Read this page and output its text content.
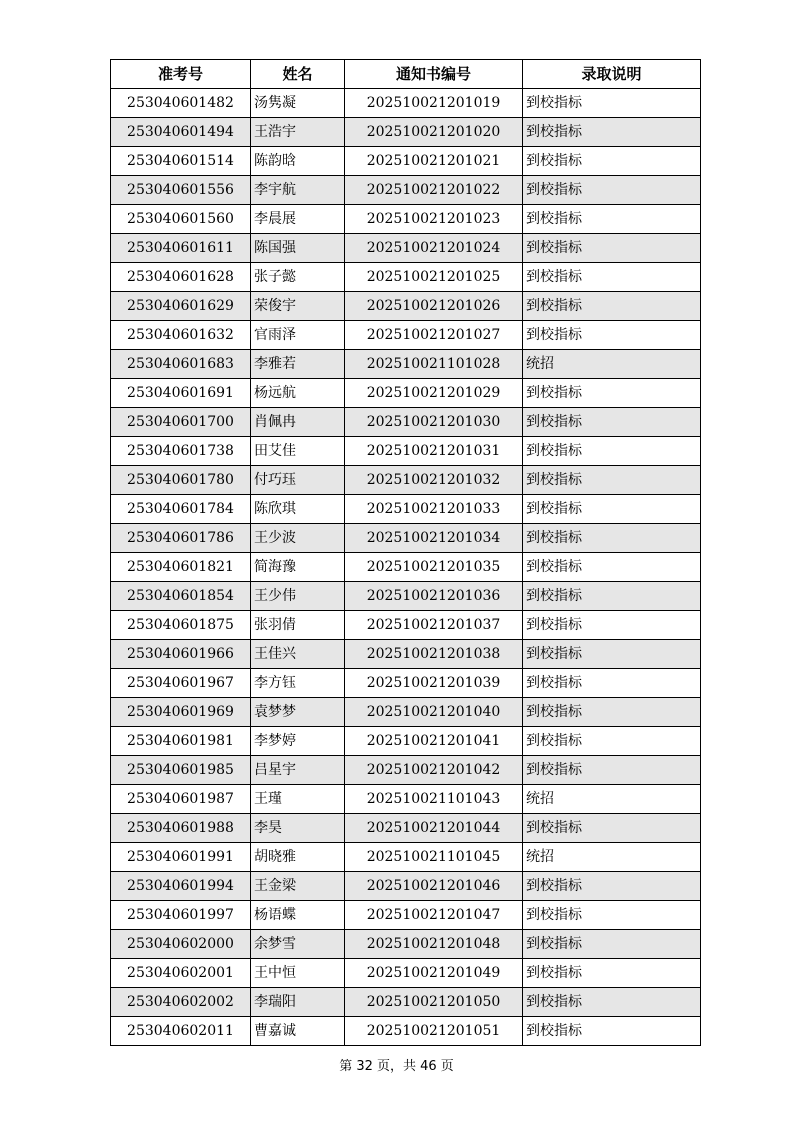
准考号	姓名	通知书编号	录取说明
253040601482	汤隽凝	202510021201019	到校指标
253040601494	王浩宇	202510021201020	到校指标
253040601514	陈韵晗	202510021201021	到校指标
253040601556	李宇航	202510021201022	到校指标
253040601560	李晨展	202510021201023	到校指标
253040601611	陈国强	202510021201024	到校指标
253040601628	张子懿	202510021201025	到校指标
253040601629	荣俊宇	202510021201026	到校指标
253040601632	官雨泽	202510021201027	到校指标
253040601683	李雅若	202510021101028	统招
253040601691	杨远航	202510021201029	到校指标
253040601700	肖佩冉	202510021201030	到校指标
253040601738	田艾佳	202510021201031	到校指标
253040601780	付巧珏	202510021201032	到校指标
253040601784	陈欣琪	202510021201033	到校指标
253040601786	王少波	202510021201034	到校指标
253040601821	简海豫	202510021201035	到校指标
253040601854	王少伟	202510021201036	到校指标
253040601875	张羽倩	202510021201037	到校指标
253040601966	王佳兴	202510021201038	到校指标
253040601967	李方钰	202510021201039	到校指标
253040601969	袁梦梦	202510021201040	到校指标
253040601981	李梦婷	202510021201041	到校指标
253040601985	吕星宇	202510021201042	到校指标
253040601987	王瑾	202510021101043	统招
253040601988	李昊	202510021201044	到校指标
253040601991	胡晓雅	202510021101045	统招
253040601994	王金梁	202510021201046	到校指标
253040601997	杨语蝶	202510021201047	到校指标
253040602000	余梦雪	202510021201048	到校指标
253040602001	王中恒	202510021201049	到校指标
253040602002	李瑞阳	202510021201050	到校指标
253040602011	曹嘉诚	202510021201051	到校指标
第 32 页，共 46 页
